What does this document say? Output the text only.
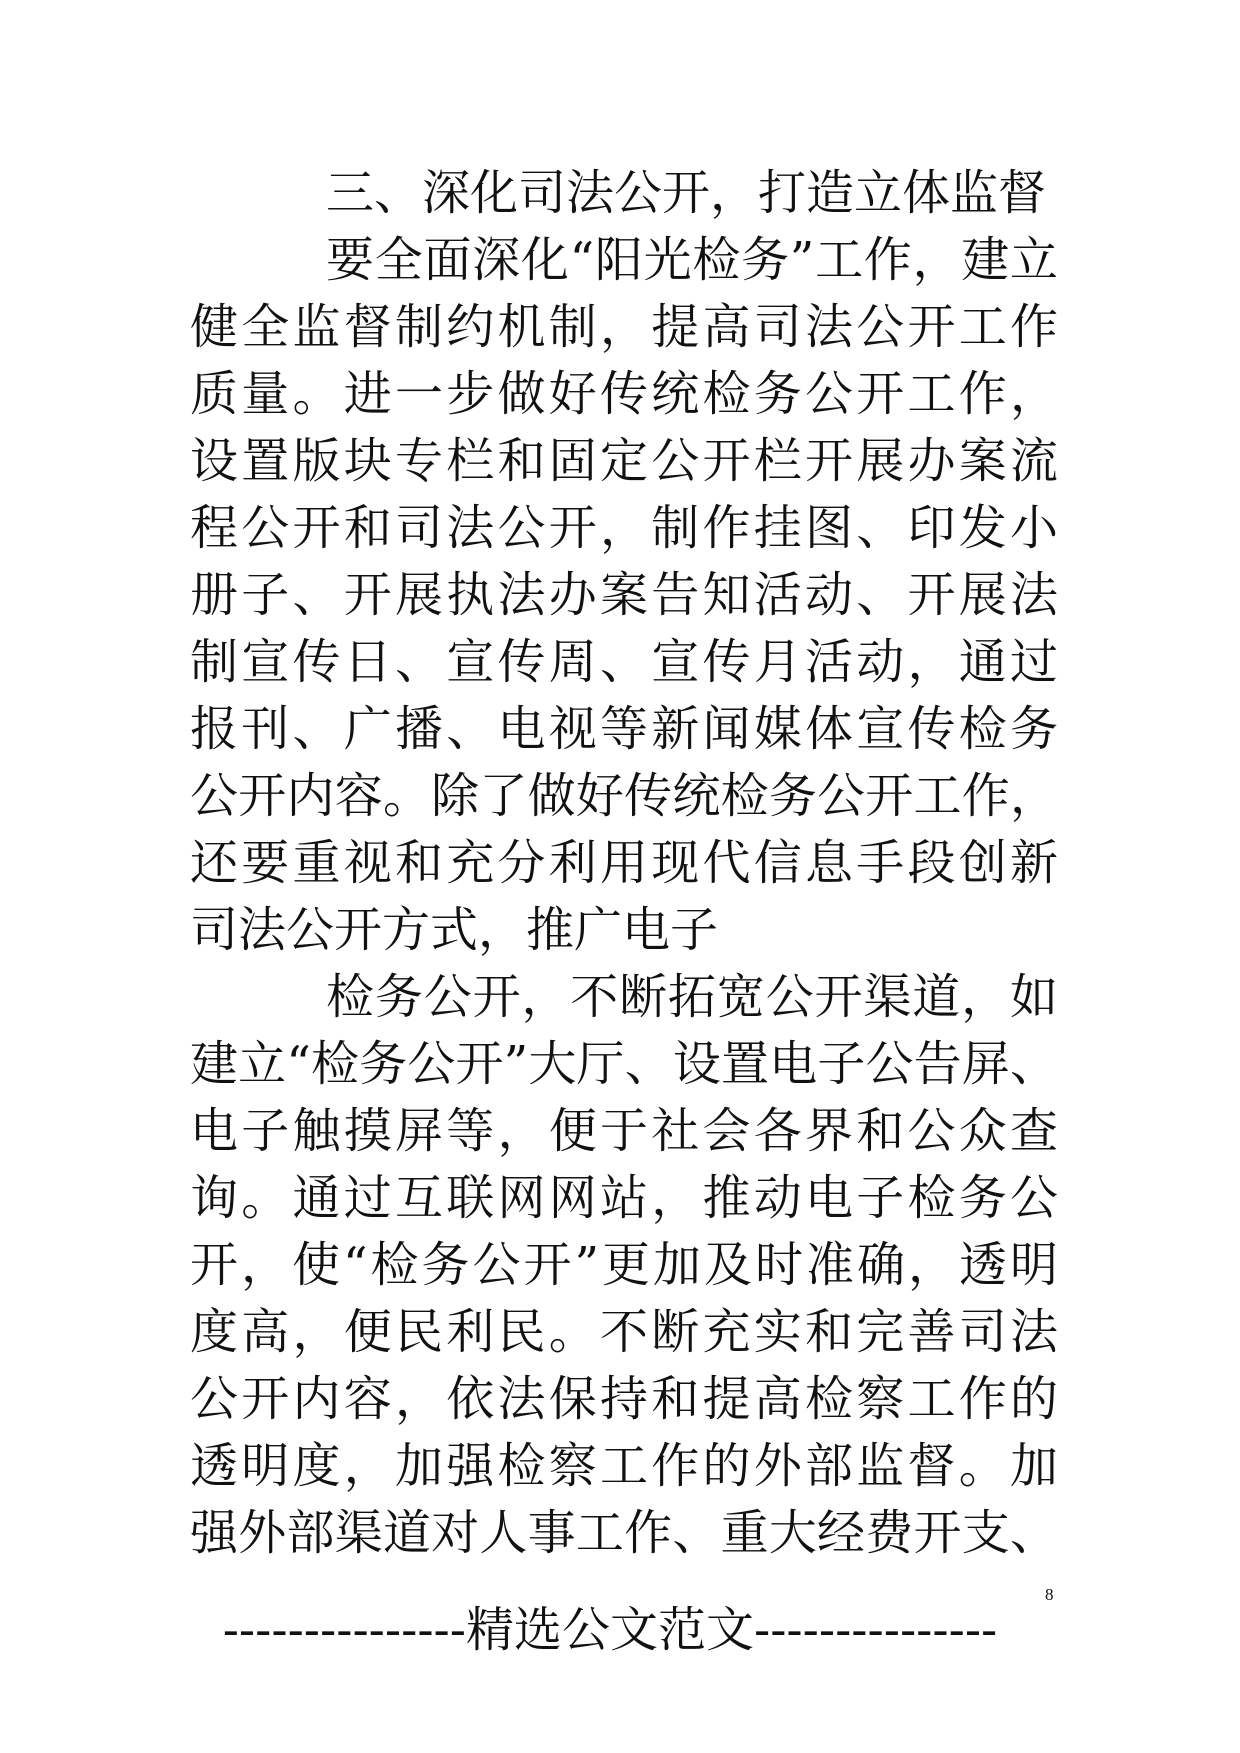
三、深化司法公开，打造立体监督
要全面深化“阳光检务”工作，建立
健全监督制约机制，提高司法公开工作
质量。进一步做好传统检务公开工作，
设置版块专栏和固定公开栏开展办案流
程公开和司法公开，制作挂图、印发小
册子、开展执法办案告知活动、开展法
制宣传日、宣传周、宣传月活动，通过
报刊、广播、电视等新闻媒体宣传检务
公开内容。除了做好传统检务公开工作，
还要重视和充分利用现代信息手段创新
司法公开方式，推广电子
检务公开，不断拓宽公开渠道，如
建立“检务公开”大厅、设置电子公告屏、
电子触摸屏等，便于社会各界和公众查
询。通过互联网网站，推动电子检务公
开，使“检务公开”更加及时准确，透明
度高，便民利民。不断充实和完善司法
公开内容，依法保持和提高检察工作的
透明度，加强检察工作的外部监督。加
强外部渠道对人事工作、重大经费开支、
8
---------------精选公文范文---------------
